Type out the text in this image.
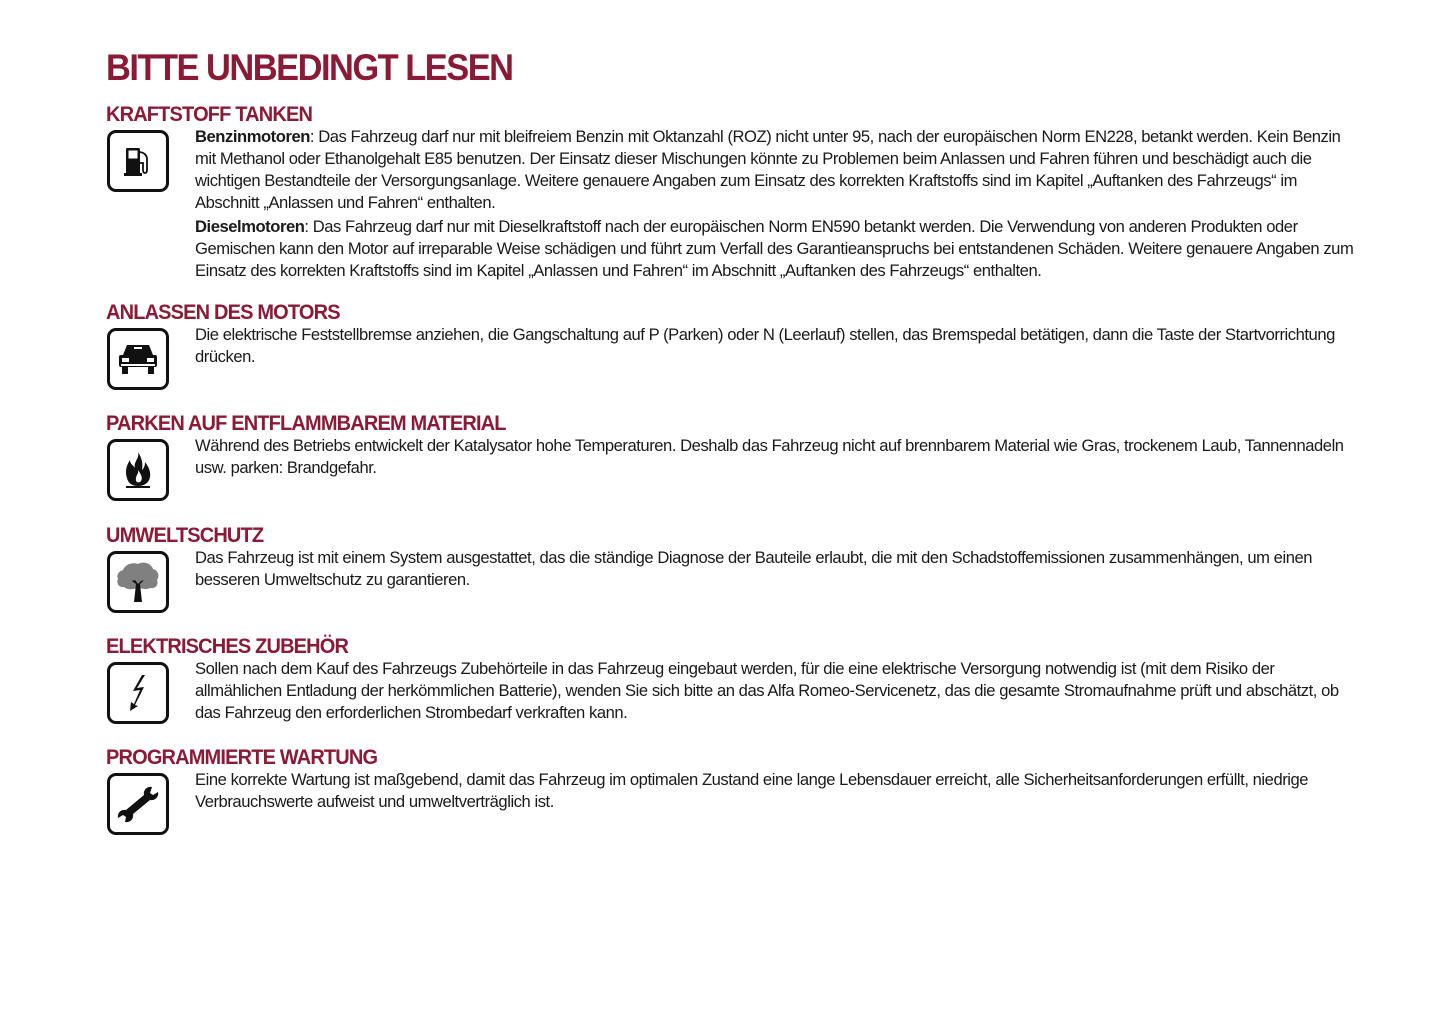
BITTE UNBEDINGT LESEN
KRAFTSTOFF TANKEN

Benzinmotoren: Das Fahrzeug darf nur mit bleifreiem Benzin mit Oktanzahl (ROZ) nicht unter 95, nach der europäischen Norm EN228, betankt werden. Kein Benzin mit Methanol oder Ethanolgehalt E85 benutzen. Der Einsatz dieser Mischungen könnte zu Problemen beim Anlassen und Fahren führen und beschädigt auch die wichtigen Bestandteile der Versorgungsanlage. Weitere genauere Angaben zum Einsatz des korrekten Kraftstoffs sind im Kapitel „Auftanken des Fahrzeugs“ im Abschnitt „Anlassen und Fahren“ enthalten.

Dieselmotoren: Das Fahrzeug darf nur mit Dieselkraftstoff nach der europäischen Norm EN590 betankt werden. Die Verwendung von anderen Produkten oder Gemischen kann den Motor auf irreparable Weise schädigen und führt zum Verfall des Garantieanspruchs bei entstandenen Schäden. Weitere genauere Angaben zum Einsatz des korrekten Kraftstoffs sind im Kapitel „Anlassen und Fahren“ im Abschnitt „Auftanken des Fahrzeugs“ enthalten.

ANLASSEN DES MOTORS
Die elektrische Feststellbremse anziehen, die Gangschaltung auf P (Parken) oder N (Leerlauf) stellen, das Bremspedal betätigen, dann die Taste der Startvorrichtung drücken.
PARKEN AUF ENTFLAMMBAREM MATERIAL
Während des Betriebs entwickelt der Katalysator hohe Temperaturen. Deshalb das Fahrzeug nicht auf brennbarem Material wie Gras, trockenem Laub, Tannennadeln usw. parken: Brandgefahr.
UMWELTSCHUTZ
Das Fahrzeug ist mit einem System ausgestattet, das die ständige Diagnose der Bauteile erlaubt, die mit den Schadstoffemissionen zusammenhängen, um einen besseren Umweltschutz zu garantieren.
ELEKTRISCHES ZUBEHÖR
Sollen nach dem Kauf des Fahrzeugs Zubehörteile in das Fahrzeug eingebaut werden, für die eine elektrische Versorgung notwendig ist (mit dem Risiko der allmählichen Entladung der herkömmlichen Batterie), wenden Sie sich bitte an das Alfa Romeo-Servicenetz, das die gesamte Stromaufnahme prüft und abschätzt, ob das Fahrzeug den erforderlichen Strombedarf verkraften kann.
PROGRAMMIERTE WARTUNG
Eine korrekte Wartung ist maßgebend, damit das Fahrzeug im optimalen Zustand eine lange Lebensdauer erreicht, alle Sicherheitsanforderungen erfüllt, niedrige Verbrauchswerte aufweist und umweltverträglich ist.
